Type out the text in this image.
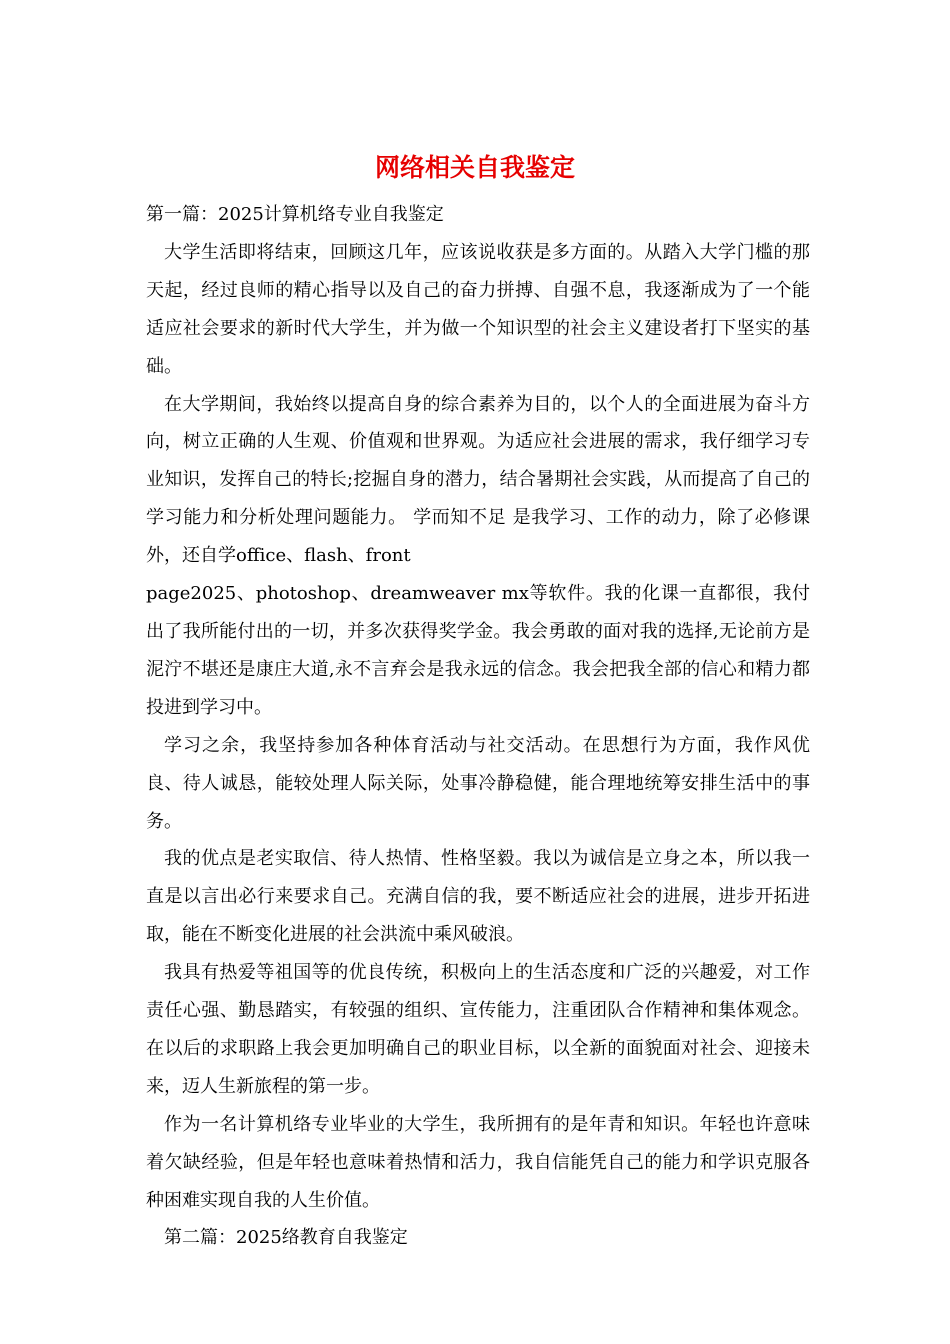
网络相关自我鉴定

第一篇：2025计算机络专业自我鉴定

大学生活即将结束，回顾这几年，应该说收获是多方面的。从踏入大学门槛的那天起，经过良师的精心指导以及自己的奋力拼搏、自强不息，我逐渐成为了一个能适应社会要求的新时代大学生，并为做一个知识型的社会主义建设者打下坚实的基础。

在大学期间，我始终以提高自身的综合素养为目的，以个人的全面进展为奋斗方向，树立正确的人生观、价值观和世界观。为适应社会进展的需求，我仔细学习专业知识，发挥自己的特长;挖掘自身的潜力，结合暑期社会实践，从而提高了自己的学习能力和分析处理问题能力。 学而知不足 是我学习、工作的动力，除了必修课外，还自学office、flash、front

page2025、photoshop、dreamweaver mx等软件。我的化课一直都很，我付出了我所能付出的一切，并多次获得奖学金。我会勇敢的面对我的选择,无论前方是泥泞不堪还是康庄大道,永不言弃会是我永远的信念。我会把我全部的信心和精力都投进到学习中。

学习之余，我坚持参加各种体育活动与社交活动。在思想行为方面，我作风优良、待人诚恳，能较处理人际关际，处事冷静稳健，能合理地统筹安排生活中的事务。

我的优点是老实取信、待人热情、性格坚毅。我以为诚信是立身之本，所以我一直是以言出必行来要求自己。充满自信的我，要不断适应社会的进展，进步开拓进取，能在不断变化进展的社会洪流中乘风破浪。

我具有热爱等祖国等的优良传统，积极向上的生活态度和广泛的兴趣爱，对工作责任心强、勤恳踏实，有较强的组织、宣传能力，注重团队合作精神和集体观念。在以后的求职路上我会更加明确自己的职业目标，以全新的面貌面对社会、迎接未来，迈人生新旅程的第一步。

作为一名计算机络专业毕业的大学生，我所拥有的是年青和知识。年轻也许意味着欠缺经验，但是年轻也意味着热情和活力，我自信能凭自己的能力和学识克服各种困难实现自我的人生价值。

第二篇：2025络教育自我鉴定
